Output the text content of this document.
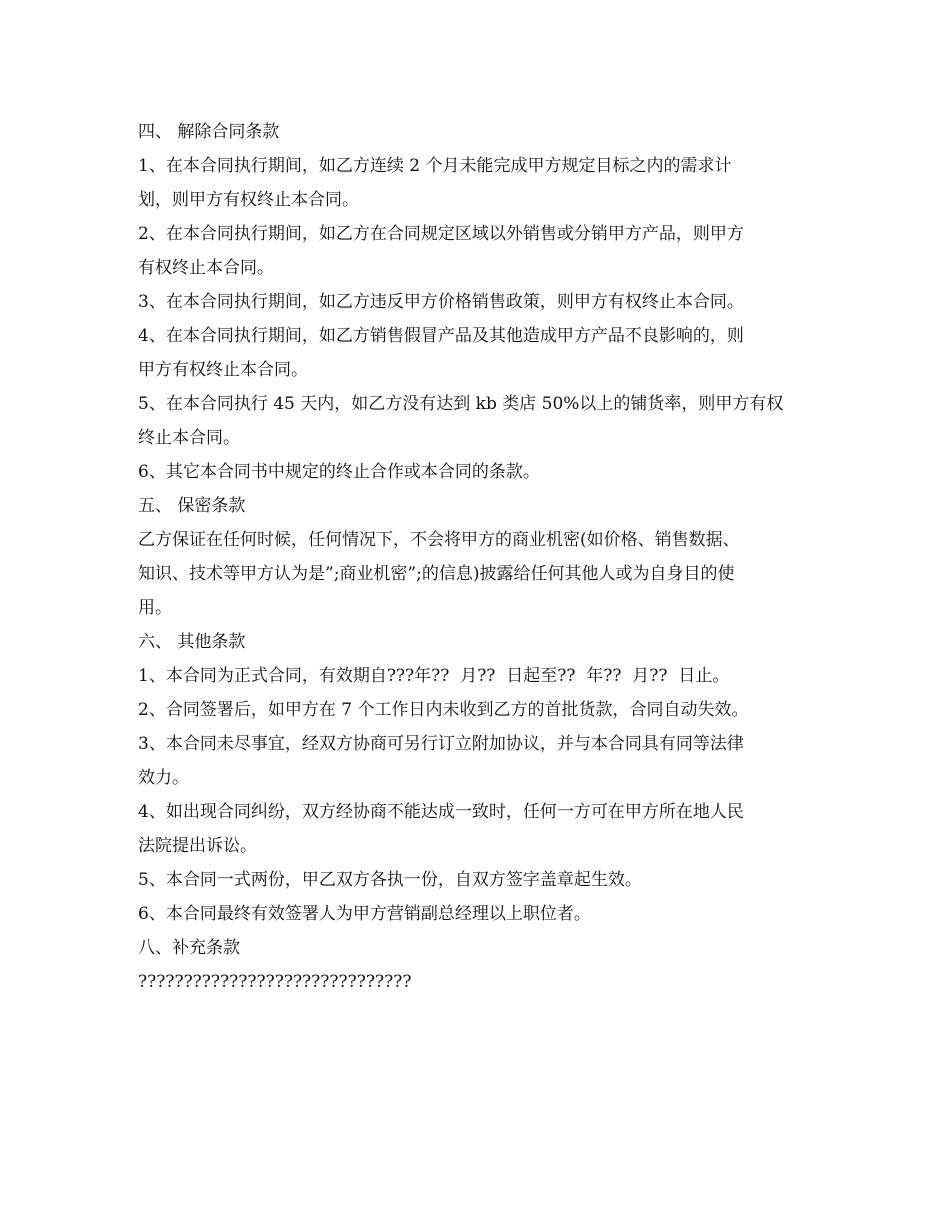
四、 解除合同条款
1、在本合同执行期间，如乙方连续 2 个月未能完成甲方规定目标之内的需求计
划，则甲方有权终止本合同。
2、在本合同执行期间，如乙方在合同规定区域以外销售或分销甲方产品，则甲方
有权终止本合同。
3、在本合同执行期间，如乙方违反甲方价格销售政策，则甲方有权终止本合同。
4、在本合同执行期间，如乙方销售假冒产品及其他造成甲方产品不良影响的，则
甲方有权终止本合同。
5、在本合同执行 45 天内，如乙方没有达到 kb 类店 50%以上的铺货率，则甲方有权
终止本合同。
6、其它本合同书中规定的终止合作或本合同的条款。
五、 保密条款
乙方保证在任何时候，任何情况下，不会将甲方的商业机密(如价格、销售数据、
知识、技术等甲方认为是”;商业机密”;的信息)披露给任何其他人或为自身目的使
用。
六、 其他条款
1、本合同为正式合同，有效期自???年??  月??  日起至??  年??  月??  日止。
2、合同签署后，如甲方在 7 个工作日内未收到乙方的首批货款，合同自动失效。
3、本合同未尽事宜，经双方协商可另行订立附加协议，并与本合同具有同等法律
效力。
4、如出现合同纠纷，双方经协商不能达成一致时，任何一方可在甲方所在地人民
法院提出诉讼。
5、本合同一式两份，甲乙双方各执一份，自双方签字盖章起生效。
6、本合同最终有效签署人为甲方营销副总经理以上职位者。
八、补充条款
??????????????????????????????
